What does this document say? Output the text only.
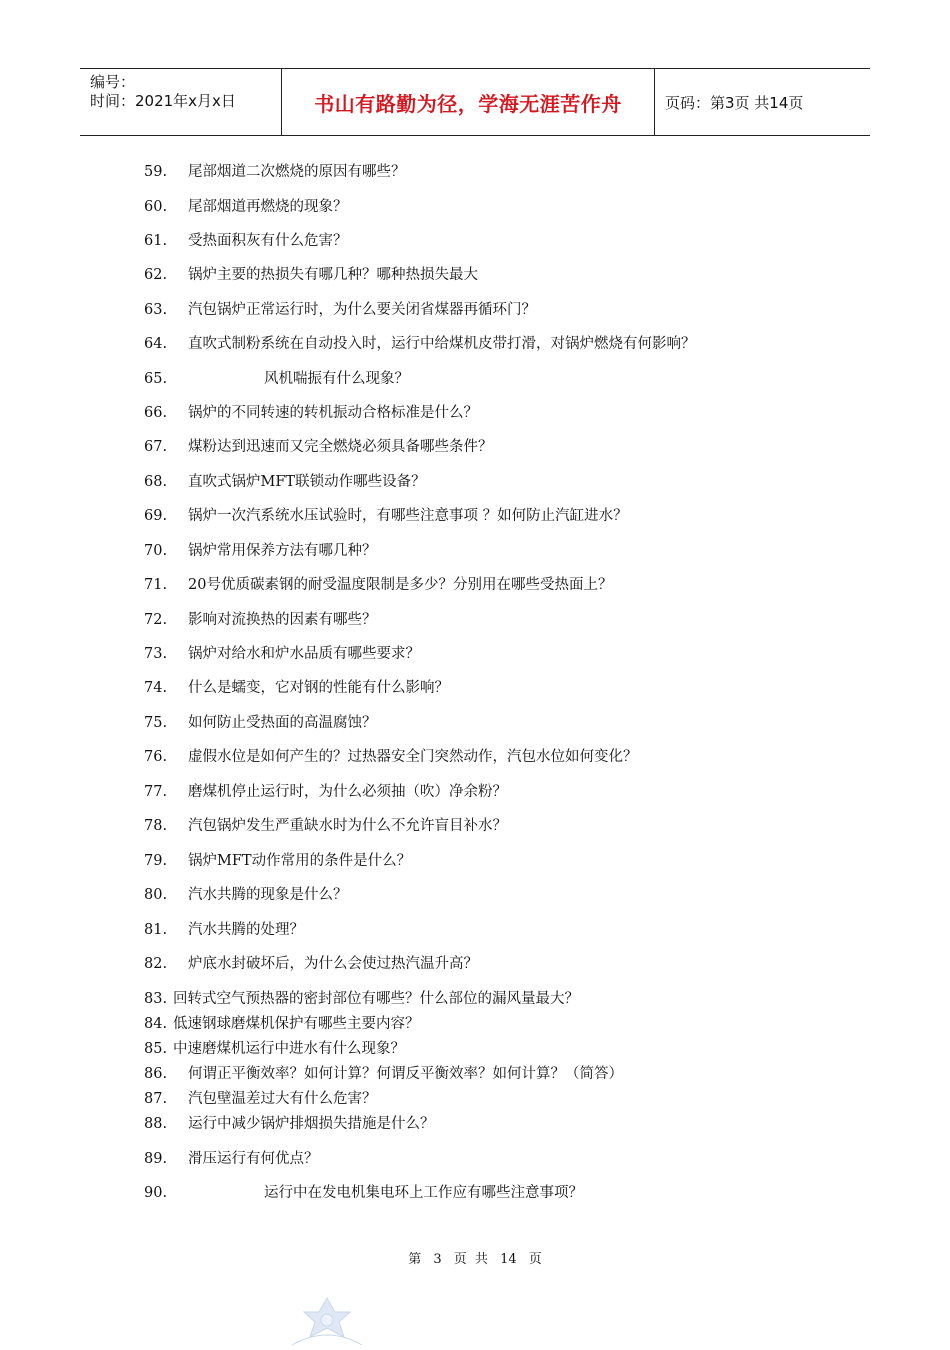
编号：
时间：2021年x月x日	书山有路勤为径，学海无涯苦作舟	页码：第3页 共14页
59. 尾部烟道二次燃烧的原因有哪些？
60. 尾部烟道再燃烧的现象？
61. 受热面积灰有什么危害？
62. 锅炉主要的热损失有哪几种？哪种热损失最大
63. 汽包锅炉正常运行时，为什么要关闭省煤器再循环门？
64. 直吹式制粉系统在自动投入时，运行中给煤机皮带打滑，对锅炉燃烧有何影响？
65.	风机喘振有什么现象？
66. 锅炉的不同转速的转机振动合格标准是什么？
67. 煤粉达到迅速而又完全燃烧必须具备哪些条件？
68. 直吹式锅炉MFT联锁动作哪些设备？
69. 锅炉一次汽系统水压试验时，有哪些注意事项 ？如何防止汽缸进水？
70. 锅炉常用保养方法有哪几种？
71. 20号优质碳素钢的耐受温度限制是多少？分别用在哪些受热面上？
72. 影响对流换热的因素有哪些？
73. 锅炉对给水和炉水品质有哪些要求？
74. 什么是蠕变，它对钢的性能有什么影响？
75. 如何防止受热面的高温腐蚀？
76. 虚假水位是如何产生的？过热器安全门突然动作，汽包水位如何变化？
77. 磨煤机停止运行时，为什么必须抽（吹）净余粉？
78. 汽包锅炉发生严重缺水时为什么不允许盲目补水？
79. 锅炉MFT动作常用的条件是什么？
80. 汽水共腾的现象是什么？
81. 汽水共腾的处理？
82. 炉底水封破坏后，为什么会使过热汽温升高？
83. 回转式空气预热器的密封部位有哪些？什么部位的漏风量最大？
84. 低速钢球磨煤机保护有哪些主要内容？
85. 中速磨煤机运行中进水有什么现象？
86. 何谓正平衡效率？如何计算？何谓反平衡效率？如何计算？（简答）
87. 汽包壁温差过大有什么危害？
88. 运行中减少锅炉排烟损失措施是什么？
89. 滑压运行有何优点？
90.	运行中在发电机集电环上工作应有哪些注意事项？
第 3 页 共 14 页
